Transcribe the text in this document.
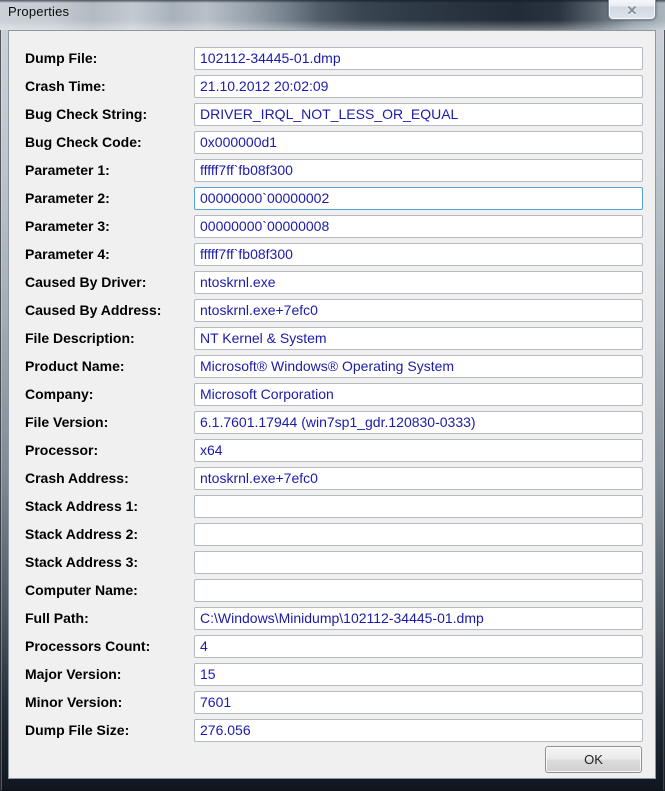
Properties	✕
Dump File:
102112-34445-01.dmp
Crash Time:
21.10.2012 20:02:09
Bug Check String:
DRIVER_IRQL_NOT_LESS_OR_EQUAL
Bug Check Code:
0x000000d1
Parameter 1:
fffff7ff`fb08f300
Parameter 2:
00000000`00000002
Parameter 3:
00000000`00000008
Parameter 4:
fffff7ff`fb08f300
Caused By Driver:
ntoskrnl.exe
Caused By Address:
ntoskrnl.exe+7efc0
File Description:
NT Kernel & System
Product Name:
Microsoft® Windows® Operating System
Company:
Microsoft Corporation
File Version:
6.1.7601.17944 (win7sp1_gdr.120830-0333)
Processor:
x64
Crash Address:
ntoskrnl.exe+7efc0
Stack Address 1:
Stack Address 2:
Stack Address 3:
Computer Name:
Full Path:
C:\Windows\Minidump\102112-34445-01.dmp
Processors Count:
4
Major Version:
15
Minor Version:
7601
Dump File Size:
276.056
OK
